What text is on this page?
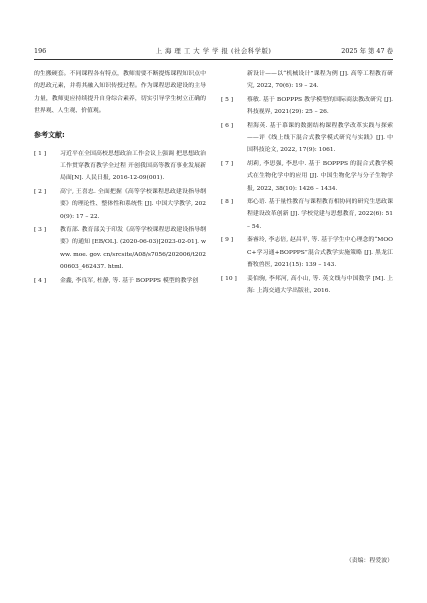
196	上 海 理 工 大 学 学 报 (社会科学版)	2025 年 第 47 卷

的生搬硬套。不同课程各有特点，教师需要不断提炼课程知识点中的思政元素，并将其融入知识传授过程。作为课程思政建设的主导力量，教师更应持续提升自身综合素养，切实引导学生树立正确的世界观、人生观、价值观。

参考文献:
[ 1 ] 习近平在全国高校思想政治工作会议上强调 把思想政治工作贯穿教育教学全过程 开创我国高等教育事业发展新局面[N]. 人民日报, 2016-12-09(001).
[ 2 ] 高宁, 王喜忠. 全面把握《高等学校课程思政建设指导纲要》的理论性、整体性和系统性 [J]. 中国大学教学, 2020(9): 17 – 22.
[ 3 ] 教育部. 教育部关于印发《高等学校课程思政建设指导纲要》的通知 [EB/OL]. (2020-06-03)[2023-02-01]. www. moe. gov. cn/srcsite/A08/s7056/202006/t20200603_462437. html.
[ 4 ] 金鑫, 李良军, 杜静, 等. 基于 BOPPPS 模型的教学创
新设计——以“机械设计”课程为例 [J]. 高等工程教育研究, 2022, 70(6): 19 – 24.
[ 5 ] 蔡敏. 基于 BOPPPS 教学模型的国际商法教改研究 [J]. 科技视界, 2021(29): 25 – 26.
[ 6 ] 程海英. 基于慕课的数据结构课程教学改革实践与探索——评《线上线下混合式教学模式研究与实践》[J]. 中国科技论文, 2022, 17(9): 1061.
[ 7 ] 胡莉, 李思强, 李思中. 基于 BOPPPS 的混合式教学模式在生物化学中的应用 [J]. 中国生物化学与分子生物学报, 2022, 38(10): 1426 – 1434.
[ 8 ] 郑心语. 基于量性教育与课程教育相协同的研究生思政课程建设改革创新 [J]. 学校党建与思想教育, 2022(6): 51 – 54.
[ 9 ] 秦睿玲, 李志倍, 赵昌平, 等. 基于学生中心理念的“MOOC+学习通+BOPPPS”混合式教学实施策略 [J]. 黑龙江畜牧兽医, 2021(15): 139 – 143.
[ 10 ] 姜伯驹, 李邦河, 高小山, 等. 英文线与中国数学 [M]. 上海: 上海交通大学出版社, 2016.
（责编：程爱波）
